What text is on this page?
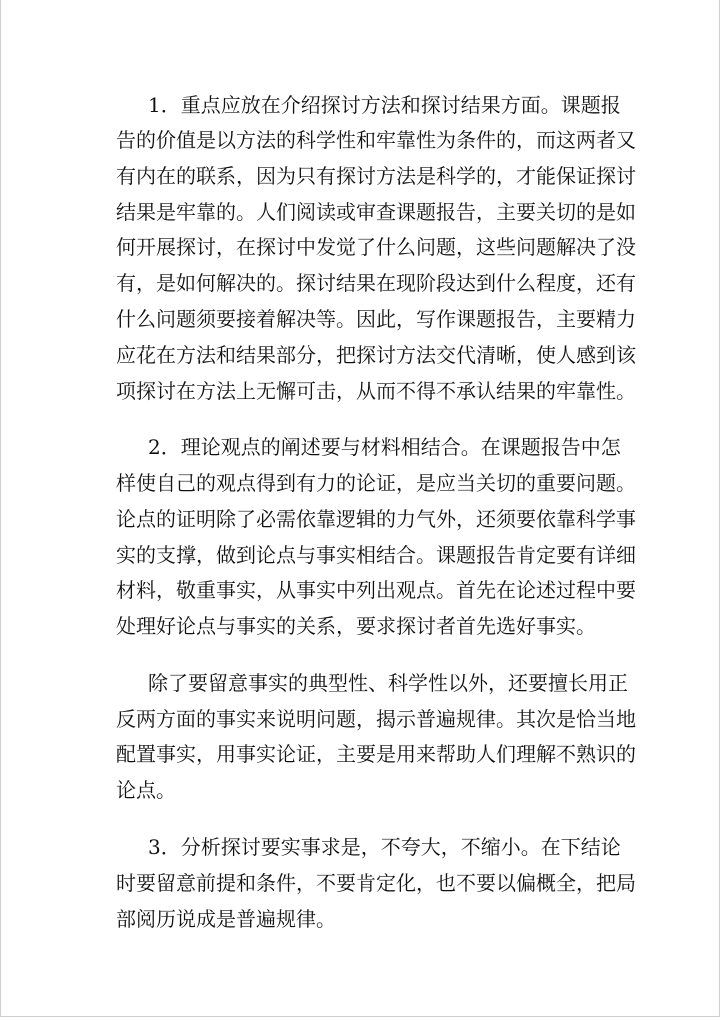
1．重点应放在介绍探讨方法和探讨结果方面。课题报
告的价值是以方法的科学性和牢靠性为条件的，而这两者又
有内在的联系，因为只有探讨方法是科学的，才能保证探讨
结果是牢靠的。人们阅读或审查课题报告，主要关切的是如
何开展探讨，在探讨中发觉了什么问题，这些问题解决了没
有，是如何解决的。探讨结果在现阶段达到什么程度，还有
什么问题须要接着解决等。因此，写作课题报告，主要精力
应花在方法和结果部分，把探讨方法交代清晰，使人感到该
项探讨在方法上无懈可击，从而不得不承认结果的牢靠性。
2．理论观点的阐述要与材料相结合。在课题报告中怎
样使自己的观点得到有力的论证，是应当关切的重要问题。
论点的证明除了必需依靠逻辑的力气外，还须要依靠科学事
实的支撑，做到论点与事实相结合。课题报告肯定要有详细
材料，敬重事实，从事实中列出观点。首先在论述过程中要
处理好论点与事实的关系，要求探讨者首先选好事实。
除了要留意事实的典型性、科学性以外，还要擅长用正
反两方面的事实来说明问题，揭示普遍规律。其次是恰当地
配置事实，用事实论证，主要是用来帮助人们理解不熟识的
论点。
3．分析探讨要实事求是，不夸大，不缩小。在下结论
时要留意前提和条件，不要肯定化，也不要以偏概全，把局
部阅历说成是普遍规律。
